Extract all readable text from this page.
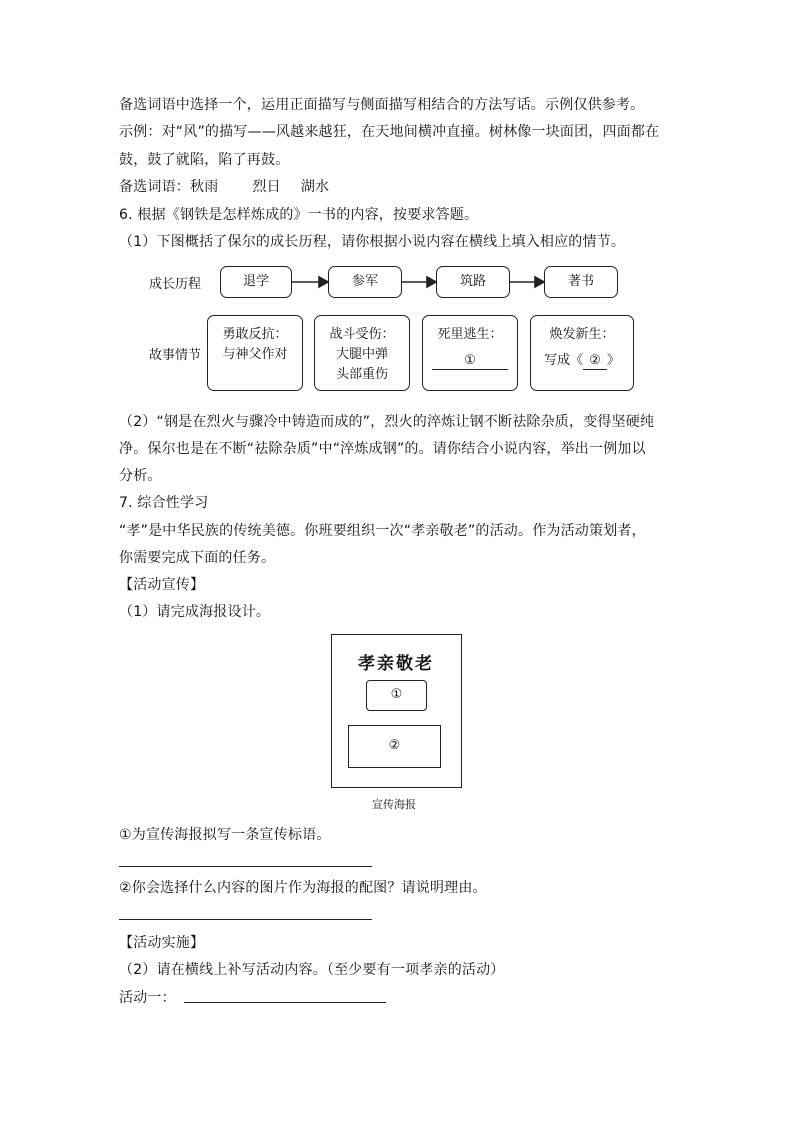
备选词语中选择一个，运用正面描写与侧面描写相结合的方法写话。示例仅供参考。
示例：对“风”的描写——风越来越狂，在天地间横冲直撞。树林像一块面团，四面都在
鼓，鼓了就陷，陷了再鼓。
备选词语：秋雨 烈日 湖水
6. 根据《钢铁是怎样炼成的》一书的内容，按要求答题。
（1）下图概括了保尔的成长历程，请你根据小说内容在横线上填入相应的情节。
成长历程
故事情节
退学	参军	筑路	著书
勇敢反抗：
与神父作对
战斗受伤：
大腿中弹
头部重伤
死里逃生：
①
焕发新生：
写成《 ② 》
（2）“钢是在烈火与骤冷中铸造而成的”，烈火的淬炼让钢不断祛除杂质，变得坚硬纯
净。保尔也是在不断“祛除杂质”中“淬炼成钢”的。请你结合小说内容，举出一例加以
分析。
7. 综合性学习
“孝”是中华民族的传统美德。你班要组织一次“孝亲敬老”的活动。作为活动策划者，
你需要完成下面的任务。
【活动宣传】
（1）请完成海报设计。
孝亲敬老
①
②
宣传海报
①为宣传海报拟写一条宣传标语。
②你会选择什么内容的图片作为海报的配图？请说明理由。
【活动实施】
（2）请在横线上补写活动内容。（至少要有一项孝亲的活动）
活动一：
